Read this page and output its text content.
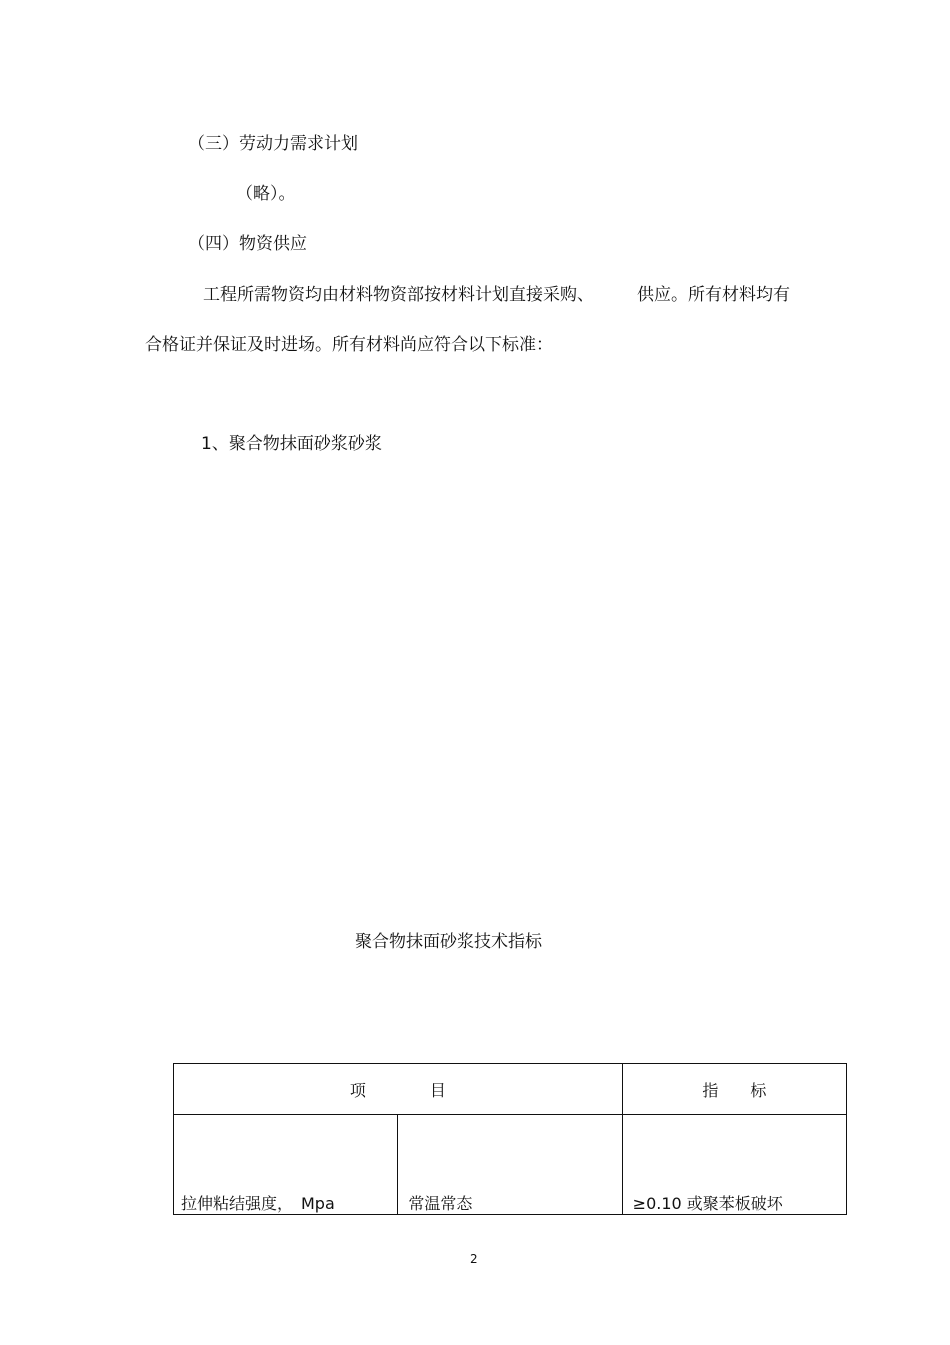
（三）劳动力需求计划
（略）。
（四）物资供应
工程所需物资均由材料物资部按材料计划直接采购、	供应。所有材料均有
合格证并保证及时进场。所有材料尚应符合以下标准：
1、聚合物抹面砂浆砂浆
聚合物抹面砂浆技术指标
项　　　　目		指　　标
拉伸粘结强度，　Mpa	常温常态	≥0.10 或聚苯板破坏
2
